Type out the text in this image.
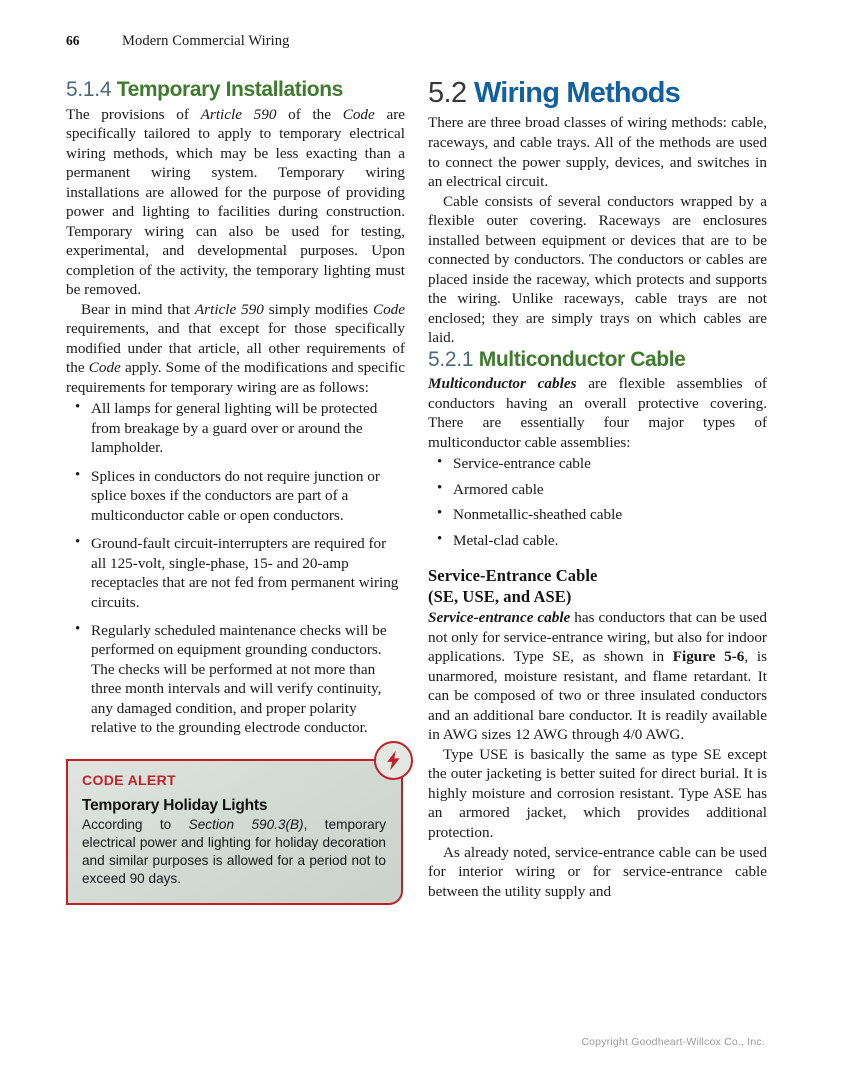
66	Modern Commercial Wiring
5.1.4 Temporary Installations

The provisions of Article 590 of the Code are specifically tailored to apply to temporary electrical wiring methods, which may be less exacting than a permanent wiring system. Temporary wiring installations are allowed for the purpose of providing power and lighting to facilities during construction. Temporary wiring can also be used for testing, experimental, and developmental purposes. Upon completion of the activity, the temporary lighting must be removed.

Bear in mind that Article 590 simply modifies Code requirements, and that except for those specifically modified under that article, all other requirements of the Code apply. Some of the modifications and specific requirements for temporary wiring are as follows:

• All lamps for general lighting will be protected from breakage by a guard over or around the lampholder.
• Splices in conductors do not require junction or splice boxes if the conductors are part of a multiconductor cable or open conductors.
• Ground-fault circuit-interrupters are required for all 125-volt, single-phase, 15- and 20-amp receptacles that are not fed from permanent wiring circuits.
• Regularly scheduled maintenance checks will be performed on equipment grounding conductors. The checks will be performed at not more than three month intervals and will verify continuity, any damaged condition, and proper polarity relative to the grounding electrode conductor.

CODE ALERT

Temporary Holiday Lights

According to Section 590.3(B), temporary electrical power and lighting for holiday decoration and similar purposes is allowed for a period not to exceed 90 days.

5.2 Wiring Methods

There are three broad classes of wiring methods: cable, raceways, and cable trays. All of the methods are used to connect the power supply, devices, and switches in an electrical circuit.

Cable consists of several conductors wrapped by a flexible outer covering. Raceways are enclosures installed between equipment or devices that are to be connected by conductors. The conductors or cables are placed inside the raceway, which protects and supports the wiring. Unlike raceways, cable trays are not enclosed; they are simply trays on which cables are laid.

5.2.1 Multiconductor Cable

Multiconductor cables are flexible assemblies of conductors having an overall protective covering. There are essentially four major types of multiconductor cable assemblies:

• Service-entrance cable
• Armored cable
• Nonmetallic-sheathed cable
• Metal-clad cable.
Service-Entrance Cable
(SE, USE, and ASE)

Service-entrance cable has conductors that can be used not only for service-entrance wiring, but also for indoor applications. Type SE, as shown in Figure 5-6, is unarmored, moisture resistant, and flame retardant. It can be composed of two or three insulated conductors and an additional bare conductor. It is readily available in AWG sizes 12 AWG through 4/0 AWG.

Type USE is basically the same as type SE except the outer jacketing is better suited for direct burial. It is highly moisture and corrosion resistant. Type ASE has an armored jacket, which provides additional protection.

As already noted, service-entrance cable can be used for interior wiring or for service-entrance cable between the utility supply and

Copyright Goodheart-Willcox Co., Inc.
